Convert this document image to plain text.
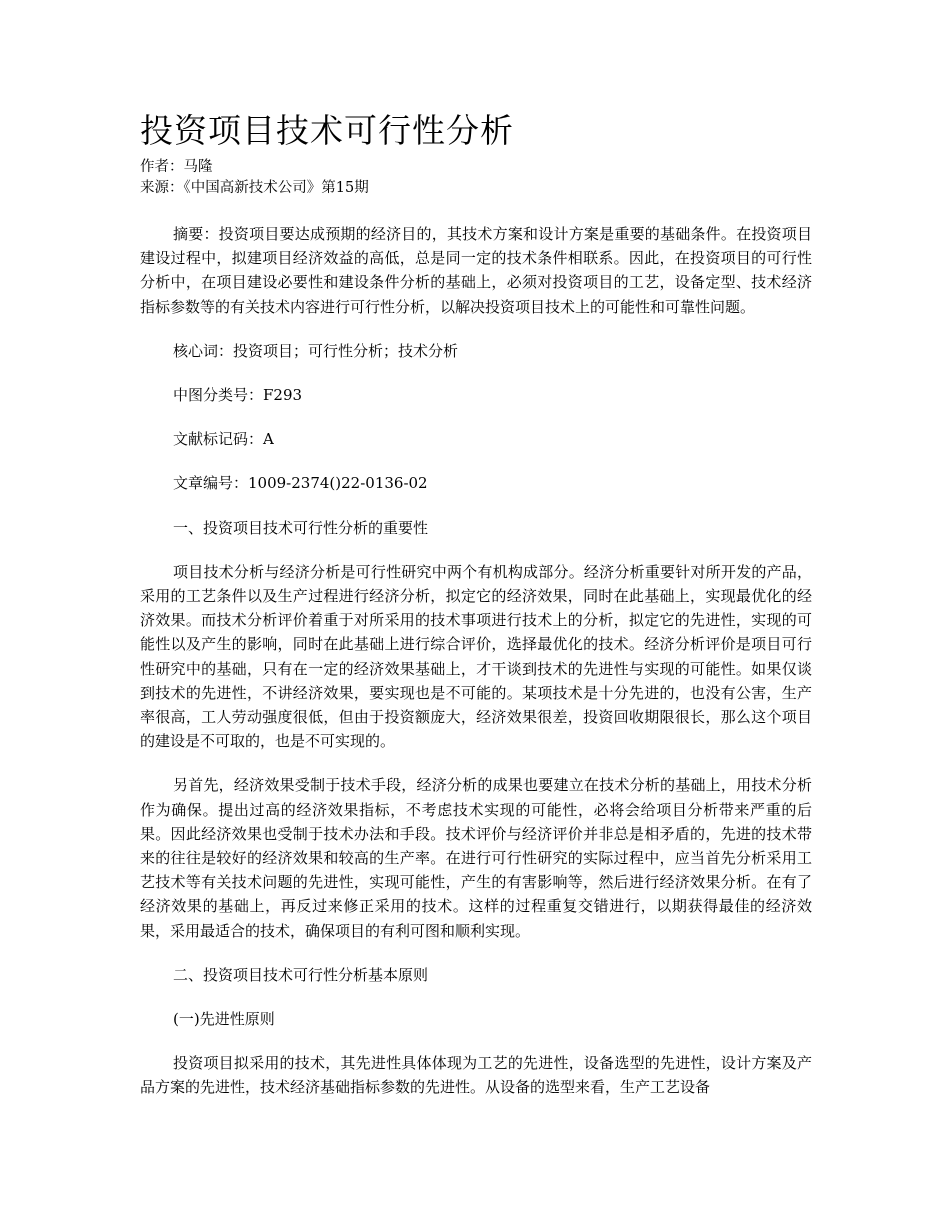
投资项目技术可行性分析

作者：马隆

来源：《中国高新技术公司》第15期

摘要：投资项目要达成预期的经济目的，其技术方案和设计方案是重要的基础条件。在投资项目建设过程中，拟建项目经济效益的高低，总是同一定的技术条件相联系。因此，在投资项目的可行性分析中，在项目建设必要性和建设条件分析的基础上，必须对投资项目的工艺，设备定型、技术经济指标参数等的有关技术内容进行可行性分析，以解决投资项目技术上的可能性和可靠性问题。

核心词：投资项目；可行性分析；技术分析

中图分类号：F293

文献标记码：A

文章编号：1009-2374()22-0136-02

一、投资项目技术可行性分析的重要性

项目技术分析与经济分析是可行性研究中两个有机构成部分。经济分析重要针对所开发的产品，采用的工艺条件以及生产过程进行经济分析，拟定它的经济效果，同时在此基础上，实现最优化的经济效果。而技术分析评价着重于对所采用的技术事项进行技术上的分析，拟定它的先进性，实现的可能性以及产生的影响，同时在此基础上进行综合评价，选择最优化的技术。经济分析评价是项目可行性研究中的基础，只有在一定的经济效果基础上，才干谈到技术的先进性与实现的可能性。如果仅谈到技术的先进性，不讲经济效果，要实现也是不可能的。某项技术是十分先进的，也没有公害，生产率很高，工人劳动强度很低，但由于投资额庞大，经济效果很差，投资回收期限很长，那么这个项目的建设是不可取的，也是不可实现的。

另首先，经济效果受制于技术手段，经济分析的成果也要建立在技术分析的基础上，用技术分析作为确保。提出过高的经济效果指标，不考虑技术实现的可能性，必将会给项目分析带来严重的后果。因此经济效果也受制于技术办法和手段。技术评价与经济评价并非总是相矛盾的，先进的技术带来的往往是较好的经济效果和较高的生产率。在进行可行性研究的实际过程中，应当首先分析采用工艺技术等有关技术问题的先进性，实现可能性，产生的有害影响等，然后进行经济效果分析。在有了经济效果的基础上，再反过来修正采用的技术。这样的过程重复交错进行，以期获得最佳的经济效果，采用最适合的技术，确保项目的有利可图和顺利实现。

二、投资项目技术可行性分析基本原则

(一)先进性原则

投资项目拟采用的技术，其先进性具体体现为工艺的先进性，设备选型的先进性，设计方案及产品方案的先进性，技术经济基础指标参数的先进性。从设备的选型来看，生产工艺设备
